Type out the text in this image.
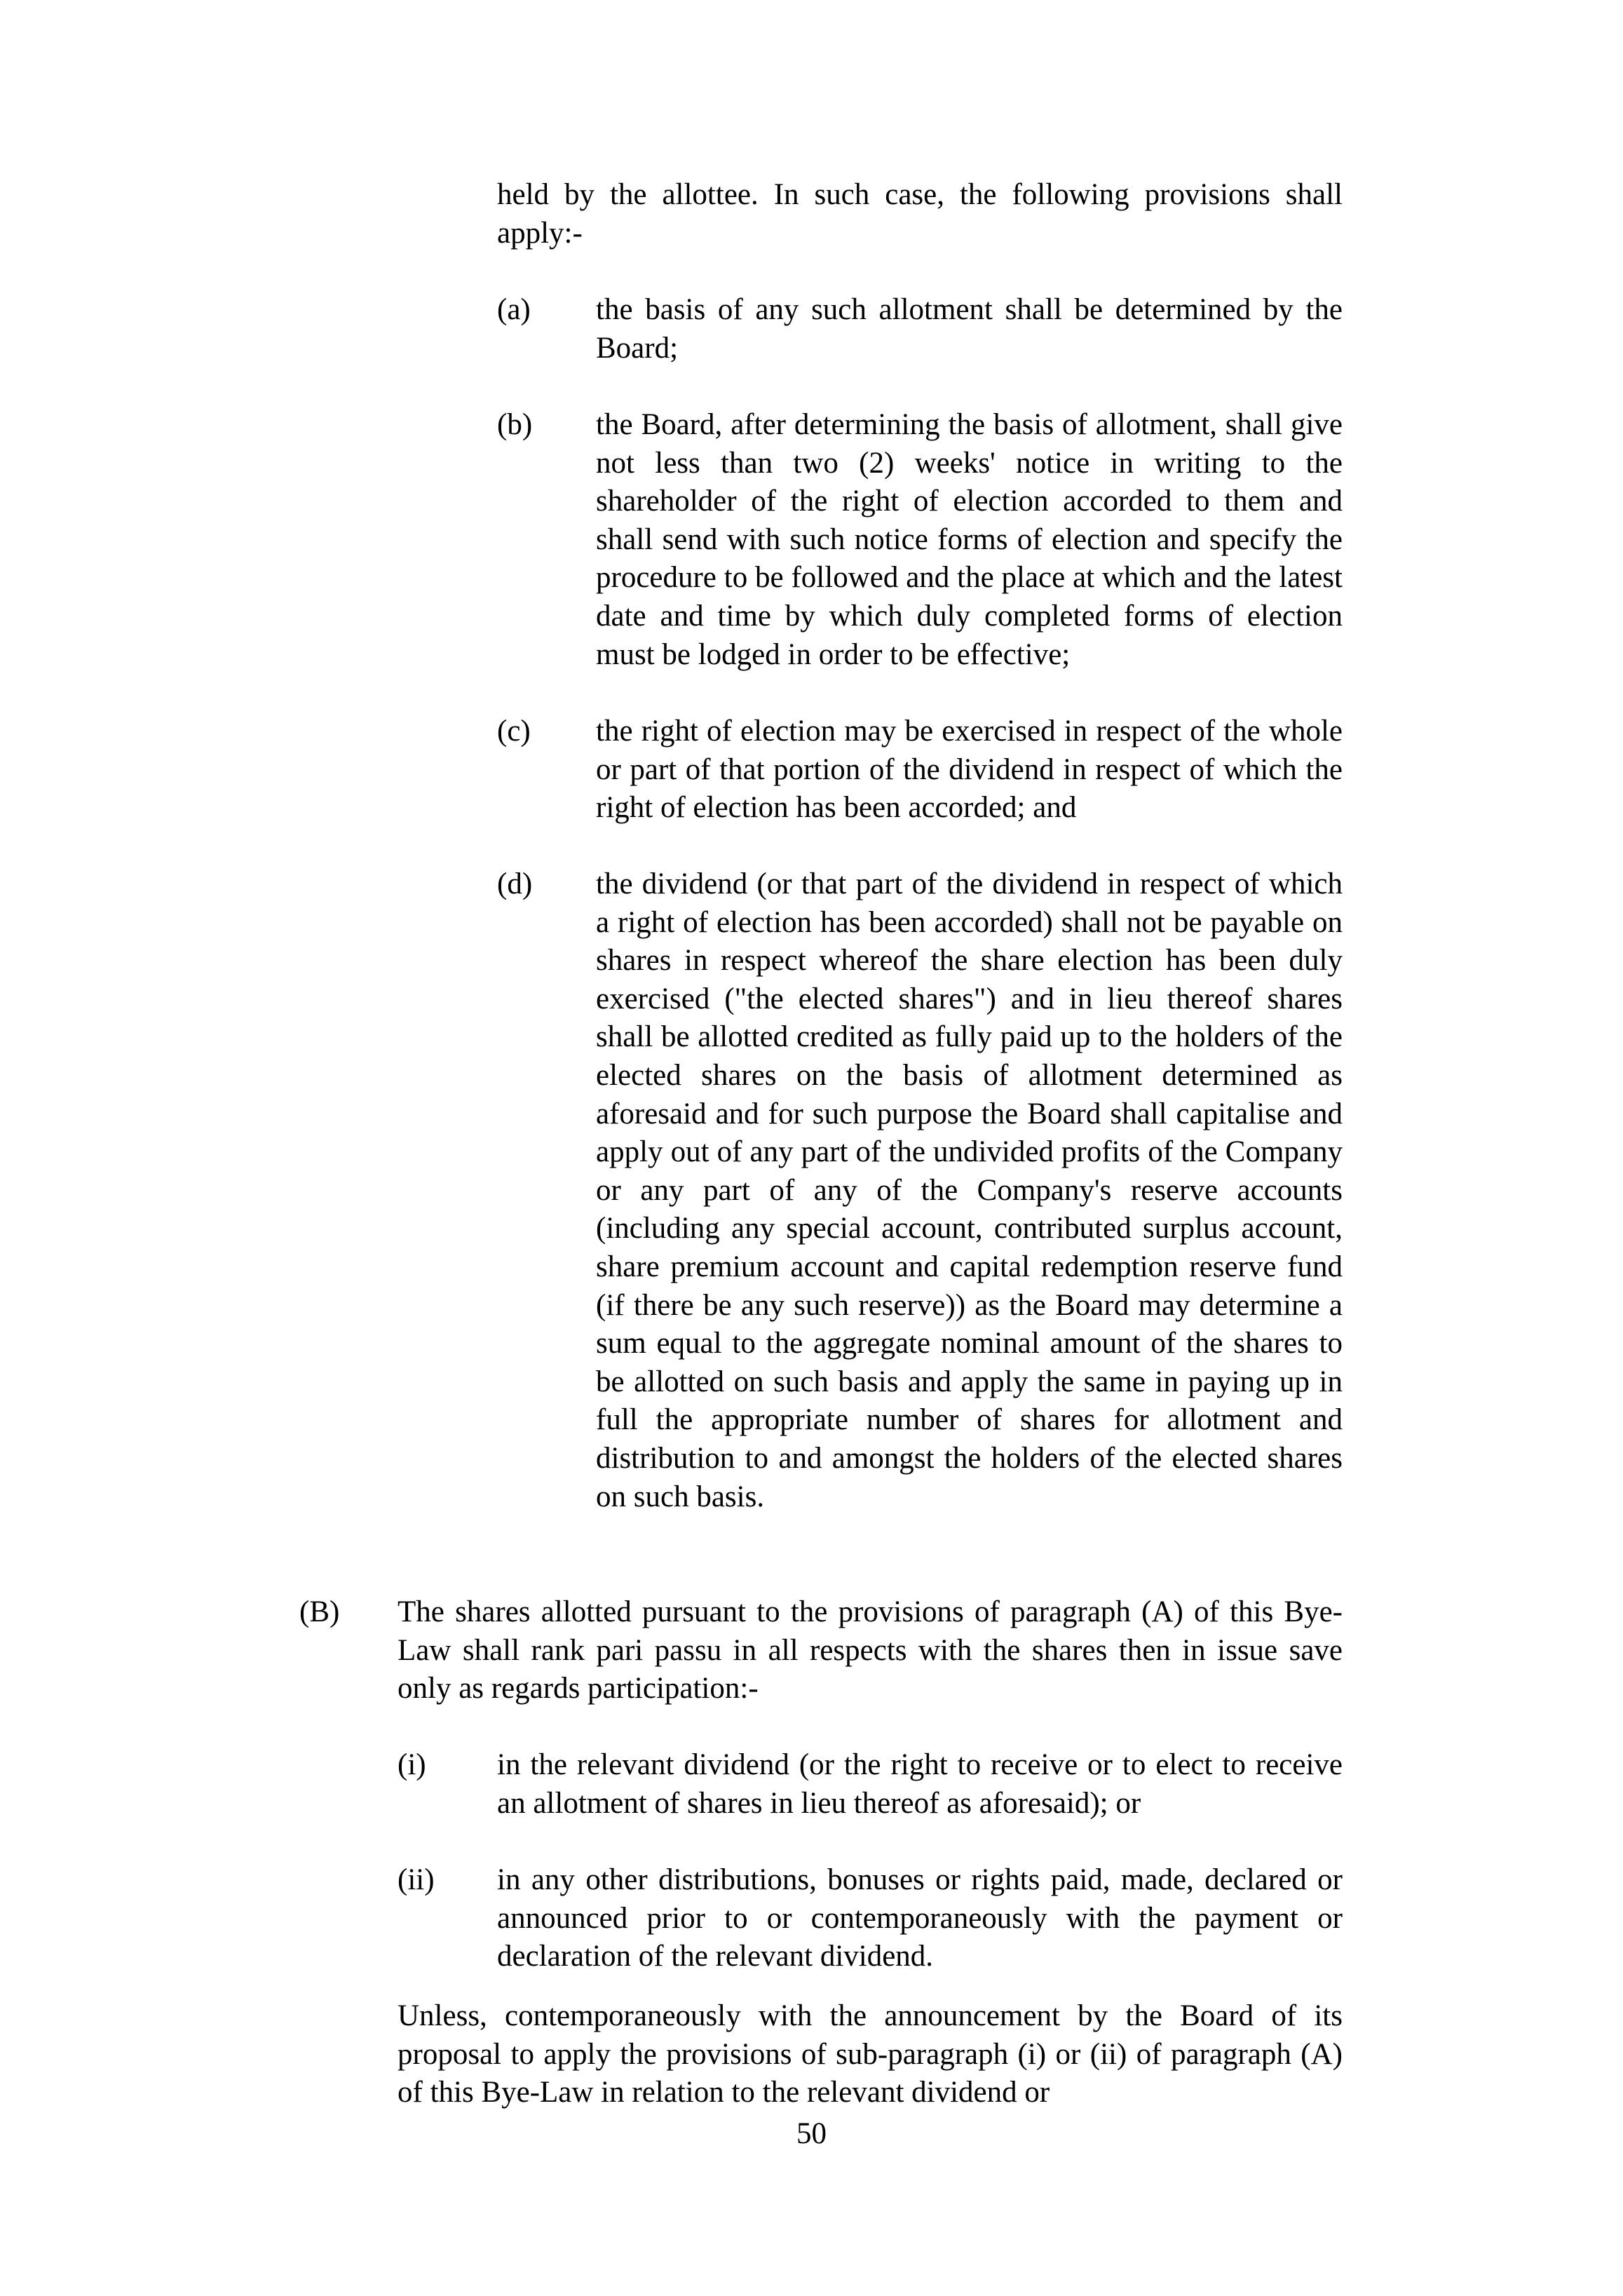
held by the allottee. In such case, the following provisions shall apply:-

(a) the basis of any such allotment shall be determined by the Board;

(b) the Board, after determining the basis of allotment, shall give not less than two (2) weeks' notice in writing to the shareholder of the right of election accorded to them and shall send with such notice forms of election and specify the procedure to be followed and the place at which and the latest date and time by which duly completed forms of election must be lodged in order to be effective;

(c) the right of election may be exercised in respect of the whole or part of that portion of the dividend in respect of which the right of election has been accorded; and

(d) the dividend (or that part of the dividend in respect of which a right of election has been accorded) shall not be payable on shares in respect whereof the share election has been duly exercised ("the elected shares") and in lieu thereof shares shall be allotted credited as fully paid up to the holders of the elected shares on the basis of allotment determined as aforesaid and for such purpose the Board shall capitalise and apply out of any part of the undivided profits of the Company or any part of any of the Company's reserve accounts (including any special account, contributed surplus account, share premium account and capital redemption reserve fund (if there be any such reserve)) as the Board may determine a sum equal to the aggregate nominal amount of the shares to be allotted on such basis and apply the same in paying up in full the appropriate number of shares for allotment and distribution to and amongst the holders of the elected shares on such basis.

(B) The shares allotted pursuant to the provisions of paragraph (A) of this Bye-Law shall rank pari passu in all respects with the shares then in issue save only as regards participation:-

(i) in the relevant dividend (or the right to receive or to elect to receive an allotment of shares in lieu thereof as aforesaid); or

(ii) in any other distributions, bonuses or rights paid, made, declared or announced prior to or contemporaneously with the payment or declaration of the relevant dividend.

Unless, contemporaneously with the announcement by the Board of its proposal to apply the provisions of sub-paragraph (i) or (ii) of paragraph (A) of this Bye-Law in relation to the relevant dividend or

50
